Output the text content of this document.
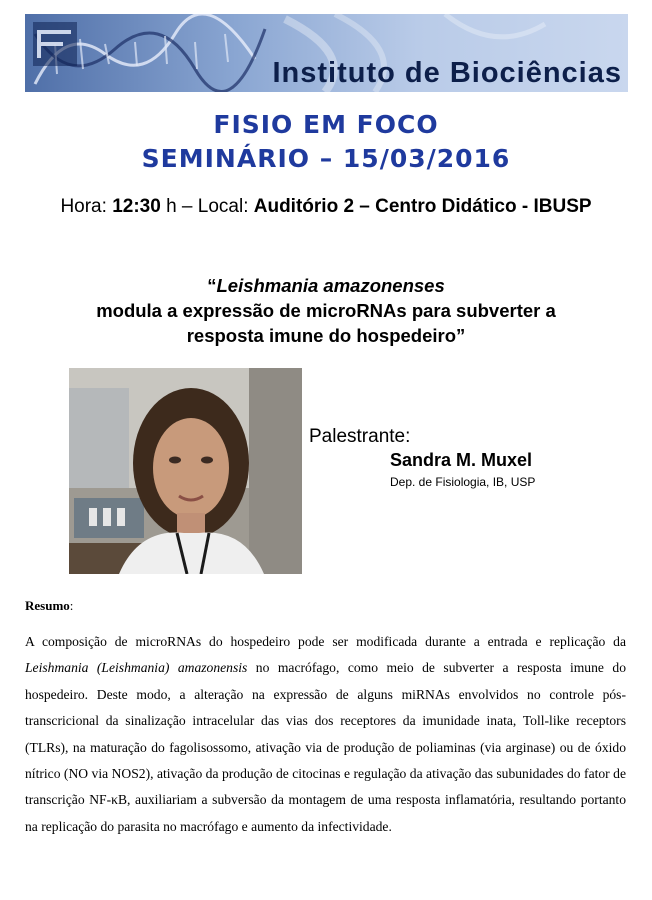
Instituto de Biociências
FISIO EM FOCO
SEMINÁRIO – 15/03/2016
Hora: 12:30 h – Local: Auditório 2 – Centro Didático - IBUSP
“Leishmania amazonenses
modula a expressão de microRNAs para subverter a
resposta imune do hospedeiro”
Palestrante:
Sandra M. Muxel
Dep. de Fisiologia, IB, USP
Resumo:
A composição de microRNAs do hospedeiro pode ser modificada durante a entrada e replicação da Leishmania (Leishmania) amazonensis no macrófago, como meio de subverter a resposta imune do hospedeiro. Deste modo, a alteração na expressão de alguns miRNAs envolvidos no controle pós-transcricional da sinalização intracelular das vias dos receptores da imunidade inata, Toll-like receptors (TLRs), na maturação do fagolisossomo, ativação via de produção de poliaminas (via arginase) ou de óxido nítrico (NO via NOS2), ativação da produção de citocinas e regulação da ativação das subunidades do fator de transcrição NF-κB, auxiliariam a subversão da montagem de uma resposta inflamatória, resultando portanto na replicação do parasita no macrófago e aumento da infectividade.
